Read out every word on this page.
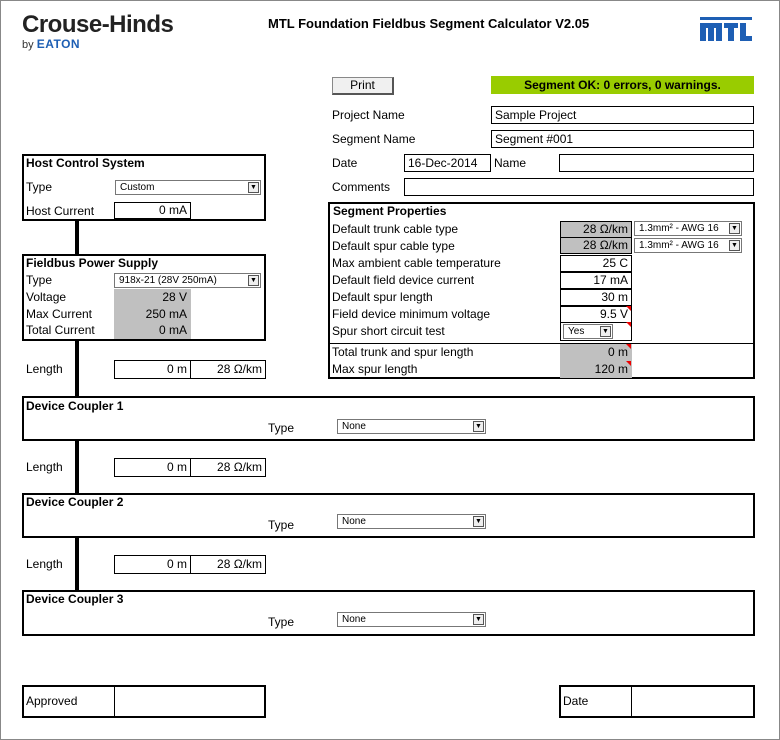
Crouse-Hinds
by EATON
MTL Foundation Fieldbus Segment Calculator V2.05
Print	Segment OK: 0 errors, 0 warnings.
Project Name	Sample Project
Segment Name	Segment #001
Date	16-Dec-2014	Name
Comments
Host Control System
Type	Custom	▼
Host Current	0 mA
Fieldbus Power Supply
Type	918x-21 (28V 250mA)	▼
Voltage	28 V
Max Current	250 mA
Total Current	0 mA
Length	0 m	28 Ω/km
Segment Properties
Default trunk cable type	28 Ω/km	1.3mm² - AWG 16 ▼
Default spur cable type	28 Ω/km	1.3mm² - AWG 16 ▼
Max ambient cable temperature	25 C
Default field device current	17 mA
Default spur length	30 m
Field device minimum voltage	9.5 V
Spur short circuit test	Yes	▼
Total trunk and spur length	0 m
Max spur length	120 m
Device Coupler 1
Type	None	▼
Length	0 m	28 Ω/km
Device Coupler 2
Type	None	▼
Length	0 m	28 Ω/km
Device Coupler 3
Type	None	▼
Approved	Date
